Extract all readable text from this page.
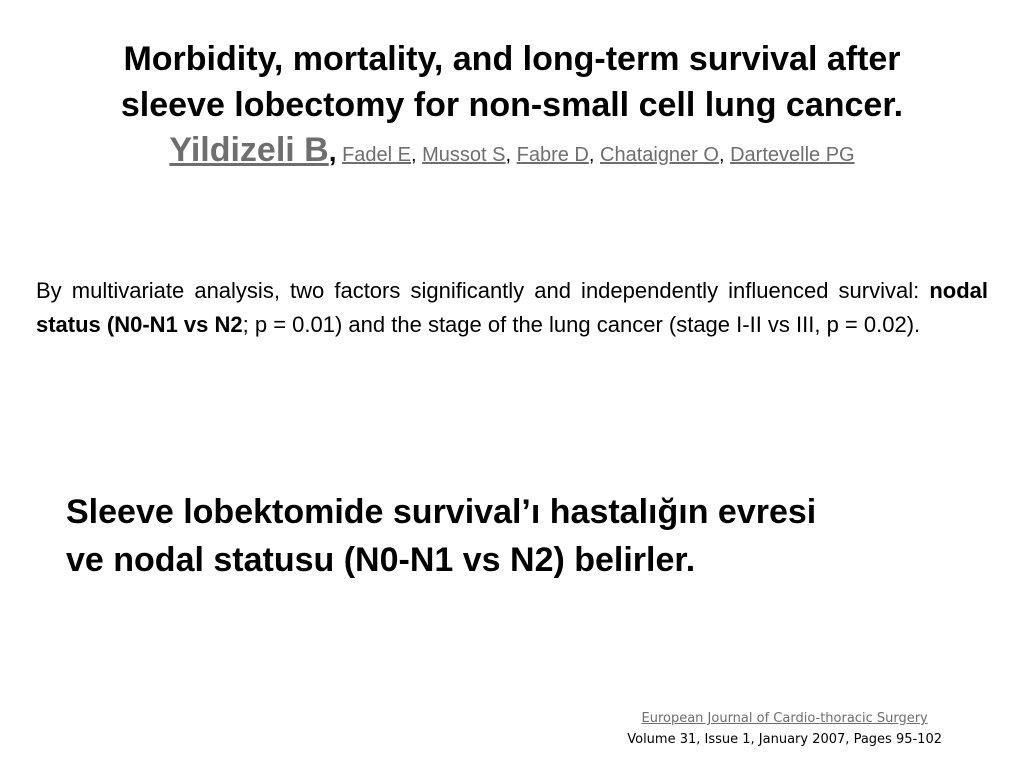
Morbidity, mortality, and long-term survival after
sleeve lobectomy for non-small cell lung cancer.
Yildizeli B, Fadel E, Mussot S, Fabre D, Chataigner O, Dartevelle PG

By multivariate analysis, two factors significantly and independently influenced survival: nodal status (N0-N1 vs N2; p = 0.01) and the stage of the lung cancer (stage I-II vs III, p = 0.02).

Sleeve lobektomide survival’ı hastalığın evresi
ve nodal statusu (N0-N1 vs N2) belirler.
European Journal of Cardio-thoracic Surgery
Volume 31, Issue 1, January 2007, Pages 95-102
